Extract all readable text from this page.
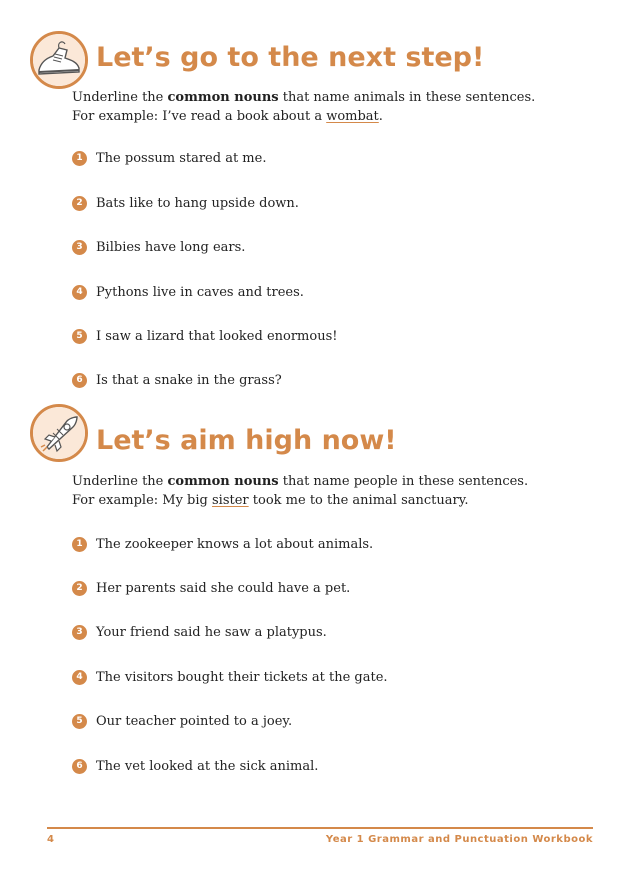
Let’s go to the next step!
Underline the common nouns that name animals in these sentences.
For example: I’ve read a book about a wombat.
1	The possum stared at me.
2	Bats like to hang upside down.
3	Bilbies have long ears.
4	Pythons live in caves and trees.
5	I saw a lizard that looked enormous!
6	Is that a snake in the grass?
Let’s aim high now!
Underline the common nouns that name people in these sentences.
For example: My big sister took me to the animal sanctuary.
1	The zookeeper knows a lot about animals.
2	Her parents said she could have a pet.
3	Your friend said he saw a platypus.
4	The visitors bought their tickets at the gate.
5	Our teacher pointed to a joey.
6	The vet looked at the sick animal.
4	Year 1 Grammar and Punctuation Workbook
